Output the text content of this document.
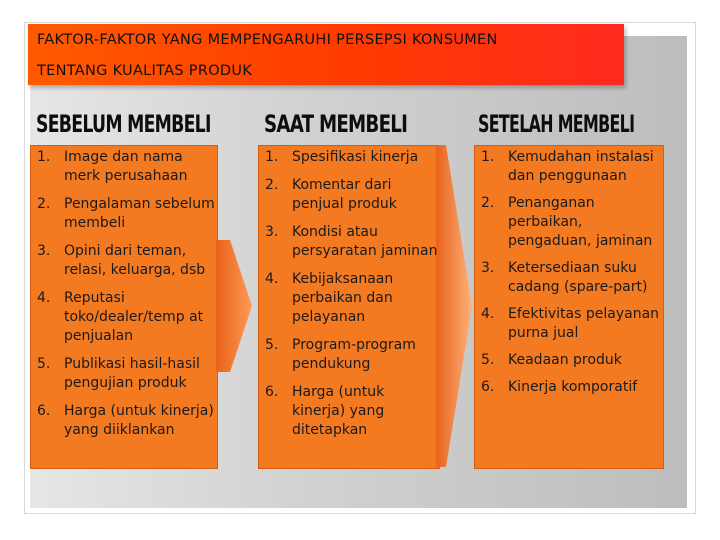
FAKTOR-FAKTOR YANG MEMPENGARUHI PERSEPSI KONSUMEN
TENTANG KUALITAS PRODUK
SEBELUM MEMBELI SAAT MEMBELI	SETELAH MEMBELI
1. Image dan nama merk perusahaan
2. Pengalaman sebelum membeli
3. Opini dari teman, relasi, keluarga, dsb
4. Reputasi toko/dealer/temp at penjualan
5. Publikasi hasil-hasil pengujian produk
6. Harga (untuk kinerja) yang diiklankan
1. Spesifikasi kinerja
2. Komentar dari penjual produk
3. Kondisi atau persyaratan jaminan
4. Kebijaksanaan perbaikan dan pelayanan
5. Program-program pendukung
6. Harga (untuk kinerja) yang ditetapkan
1. Kemudahan instalasi dan penggunaan
2. Penanganan perbaikan, pengaduan, jaminan
3. Ketersediaan suku cadang (spare-part)
4. Efektivitas pelayanan purna jual
5. Keadaan produk
6. Kinerja komporatif
